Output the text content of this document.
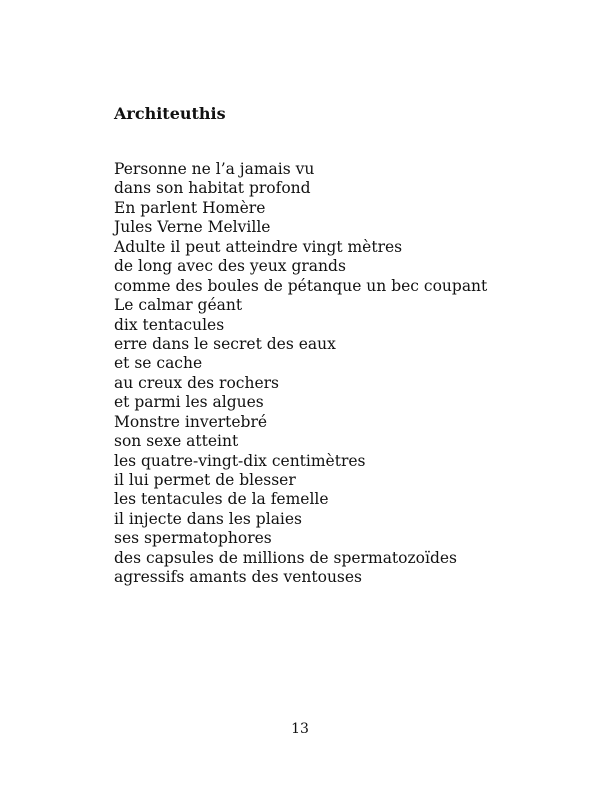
Architeuthis
Personne ne l’a jamais vu
dans son habitat profond
En parlent Homère
Jules Verne Melville
Adulte il peut atteindre vingt mètres
de long avec des yeux grands
comme des boules de pétanque un bec coupant
Le calmar géant
dix tentacules
erre dans le secret des eaux
et se cache
au creux des rochers
et parmi les algues
Monstre invertebré
son sexe atteint
les quatre-vingt-dix centimètres
il lui permet de blesser
les tentacules de la femelle
il injecte dans les plaies
ses spermatophores
des capsules de millions de spermatozoïdes
agressifs amants des ventouses
13
